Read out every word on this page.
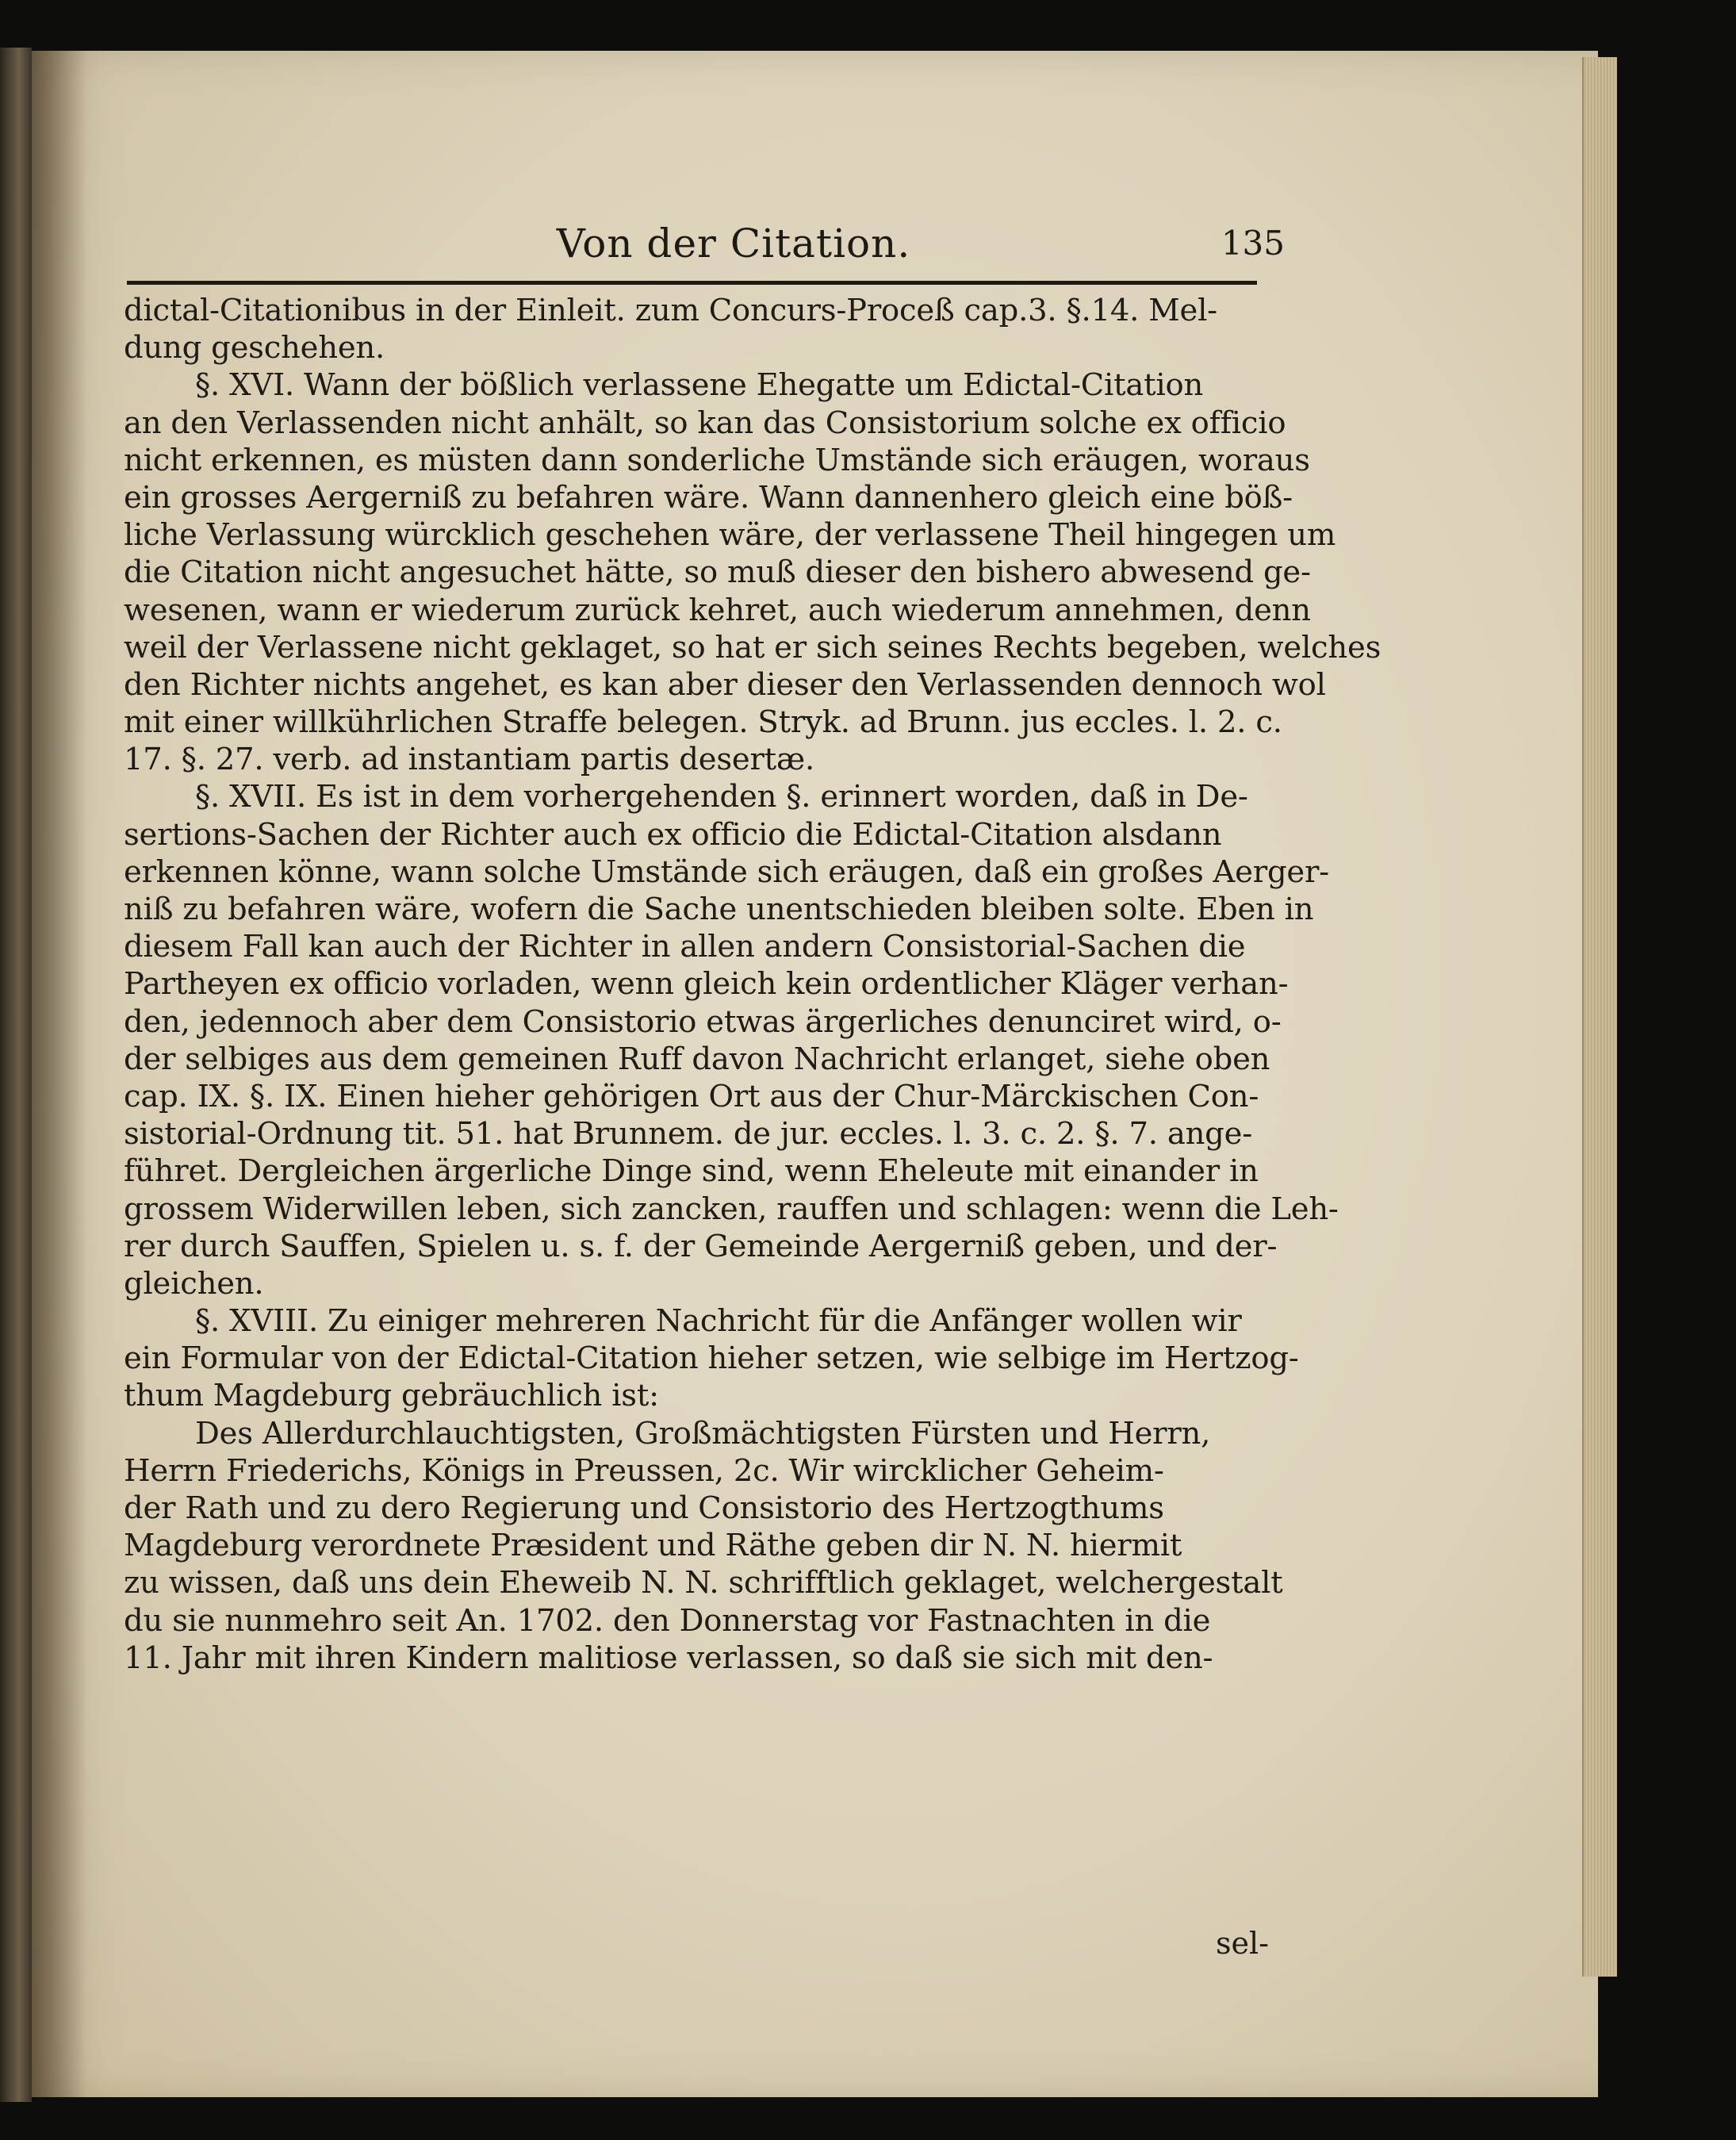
Von der Citation.	135
dictal-Citationibus in der Einleit. zum Concurs-Proceß cap.3. §.14. Mel-
dung geschehen.
§. XVI. Wann der bößlich verlassene Ehegatte um Edictal-Citation
an den Verlassenden nicht anhält, so kan das Consistorium solche ex officio
nicht erkennen, es müsten dann sonderliche Umstände sich eräugen, woraus
ein grosses Aergerniß zu befahren wäre. Wann dannenhero gleich eine böß-
liche Verlassung würcklich geschehen wäre, der verlassene Theil hingegen um
die Citation nicht angesuchet hätte, so muß dieser den bishero abwesend ge-
wesenen, wann er wiederum zurück kehret, auch wiederum annehmen, denn
weil der Verlassene nicht geklaget, so hat er sich seines Rechts begeben, welches
den Richter nichts angehet, es kan aber dieser den Verlassenden dennoch wol
mit einer willkührlichen Straffe belegen. Stryk. ad Brunn. jus eccles. l. 2. c.
17. §. 27. verb. ad instantiam partis desertæ.
§. XVII. Es ist in dem vorhergehenden §. erinnert worden, daß in De-
sertions-Sachen der Richter auch ex officio die Edictal-Citation alsdann
erkennen könne, wann solche Umstände sich eräugen, daß ein großes Aerger-
niß zu befahren wäre, wofern die Sache unentschieden bleiben solte. Eben in
diesem Fall kan auch der Richter in allen andern Consistorial-Sachen die
Partheyen ex officio vorladen, wenn gleich kein ordentlicher Kläger verhan-
den, jedennoch aber dem Consistorio etwas ärgerliches denunciret wird, o-
der selbiges aus dem gemeinen Ruff davon Nachricht erlanget, siehe oben
cap. IX. §. IX. Einen hieher gehörigen Ort aus der Chur-Märckischen Con-
sistorial-Ordnung tit. 51. hat Brunnem. de jur. eccles. l. 3. c. 2. §. 7. ange-
führet. Dergleichen ärgerliche Dinge sind, wenn Eheleute mit einander in
grossem Widerwillen leben, sich zancken, rauffen und schlagen: wenn die Leh-
rer durch Sauffen, Spielen u. s. f. der Gemeinde Aergerniß geben, und der-
gleichen.
§. XVIII. Zu einiger mehreren Nachricht für die Anfänger wollen wir
ein Formular von der Edictal-Citation hieher setzen, wie selbige im Hertzog-
thum Magdeburg gebräuchlich ist:
Des Allerdurchlauchtigsten, Großmächtigsten Fürsten und Herrn,
Herrn Friederichs, Königs in Preussen, 2c. Wir wircklicher Geheim-
der Rath und zu dero Regierung und Consistorio des Hertzogthums
Magdeburg verordnete Præsident und Räthe geben dir N. N. hiermit
zu wissen, daß uns dein Eheweib N. N. schrifftlich geklaget, welchergestalt
du sie nunmehro seit An. 1702. den Donnerstag vor Fastnachten in die
11. Jahr mit ihren Kindern malitiose verlassen, so daß sie sich mit den-
sel-
